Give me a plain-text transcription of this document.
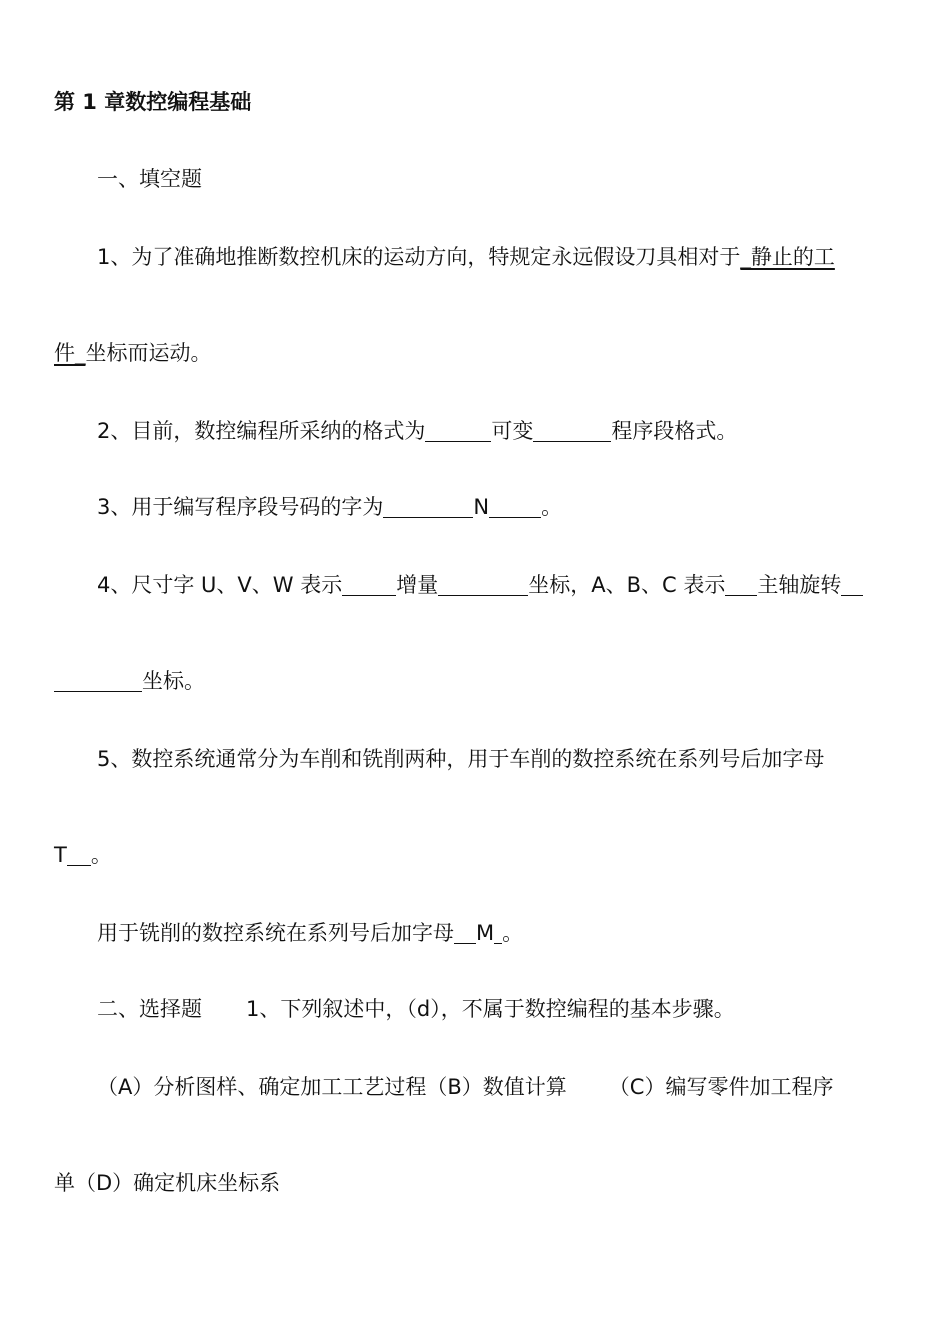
第 1 章数控编程基础
一、填空题
1、为了准确地推断数控机床的运动方向，特规定永远假设刀具相对于_静止的工
件_坐标而运动。
2、目前，数控编程所采纳的格式为	可变	程序段格式。
3、用于编写程序段号码的字为	N 。
4、尺寸字 U、V、W 表示	增量	坐标，A、B、C 表示 主轴旋转
坐标。
5、数控系统通常分为车削和铣削两种，用于车削的数控系统在系列号后加字母
T 。
用于铣削的数控系统在系列号后加字母 M 。
二、选择题 1、下列叙述中，（d），不属于数控编程的基本步骤。
（A）分析图样、确定加工工艺过程（B）数值计算 （C）编写零件加工程序
单（D）确定机床坐标系
